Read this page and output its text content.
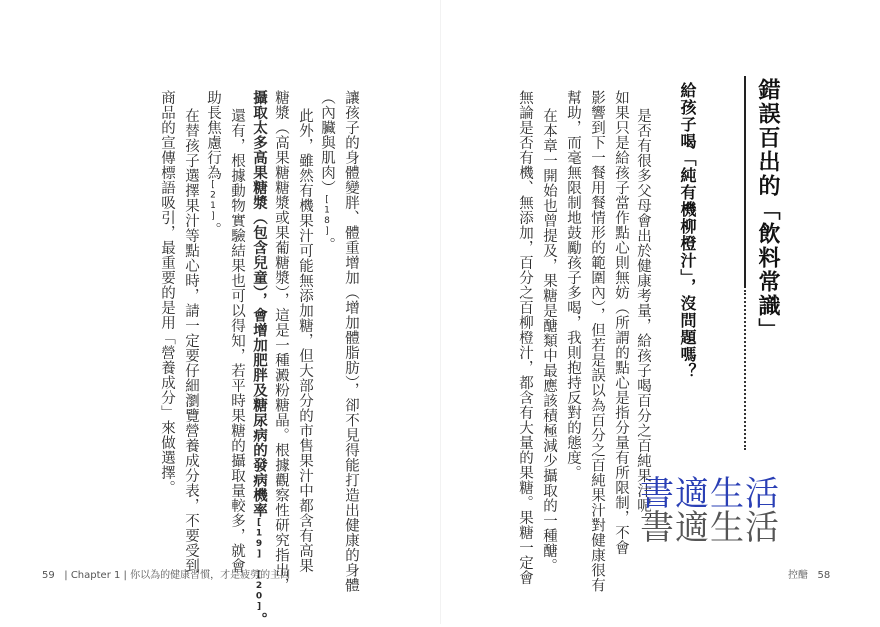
錯誤百出的「飲料常識」
給孩子喝「純有機柳橙汁」，沒問題嗎？
是否有很多父母會出於健康考量，給孩子喝百分之百純果汁呢？
如果只是給孩子當作點心則無妨（所謂的點心是指分量有所限制，不會
影響到下一餐用餐情形的範圍內），但若是誤以為百分之百純果汁對健康很有
幫助，而毫無限制地鼓勵孩子多喝，我則抱持反對的態度。
在本章一開始也曾提及，果糖是醣類中最應該積極減少攝取的一種醣。
無論是否有機、無添加，百分之百柳橙汁，都含有大量的果糖。果糖一定會	書適生活
書適生活
控醣 58
讓孩子的身體變胖、體重增加（增加體脂肪），卻不見得能打造出健康的身體
（內臟與肌肉）[18]。
此外，雖然有機果汁可能無添加糖，但大部分的市售果汁中都含有高果
糖漿（高果糖糖漿或果葡糖漿），這是一種澱粉糖晶。根據觀察性研究指出，
攝取太多高果糖漿（包含兒童），會增加肥胖及糖尿病的發病機率[19] [20]。
還有，根據動物實驗結果也可以得知，若平時果糖的攝取量較多，就會
助長焦慮行為[21]。
在替孩子選擇果汁等點心時，請一定要仔細瀏覽營養成分表，不要受到
商品的宣傳標語吸引，最重要的是用「營養成分」來做選擇。
59 | Chapter 1 | 你以為的健康習慣，才是疲勞的主因
